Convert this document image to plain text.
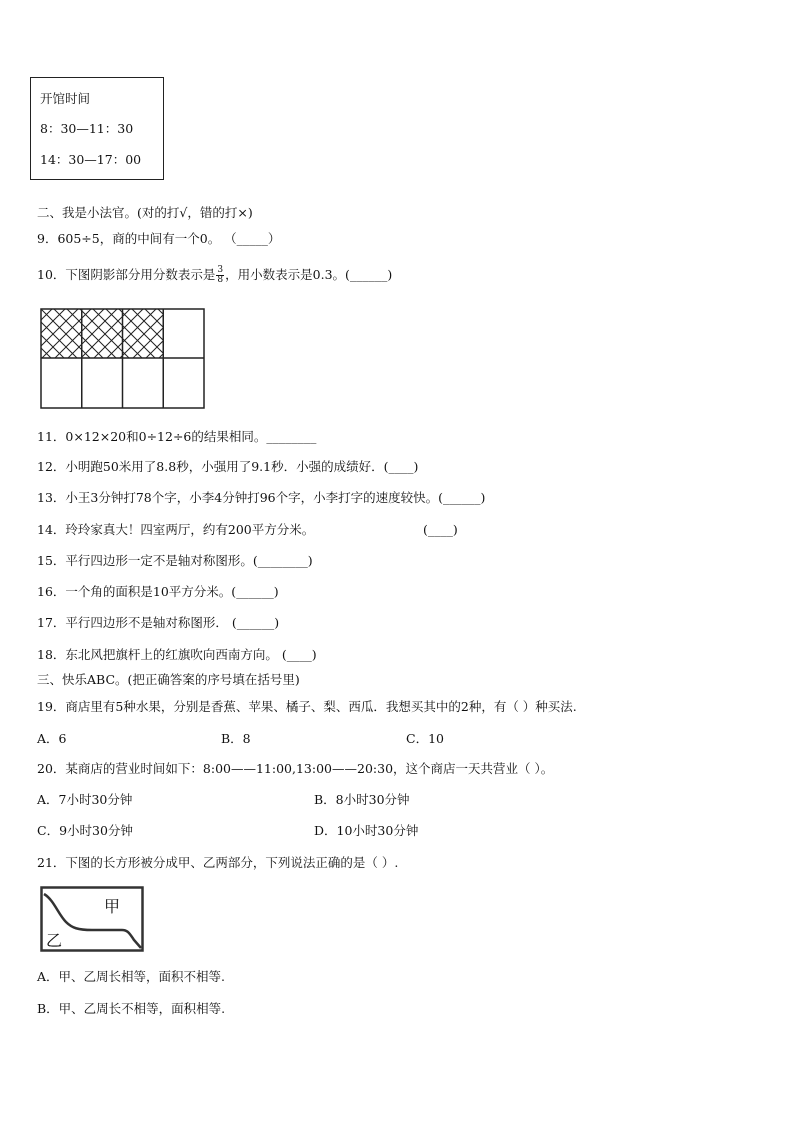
开馆时间
8：30—11：30
14：30—17：00
二、我是小法官。(对的打√，错的打×)
9．605÷5，商的中间有一个0。 （_____）
10．下图阴影部分用分数表示是 $\frac{3}{8}$ ，用小数表示是0.3。(______)
11．0×12×20和0÷12÷6的结果相同。________
12．小明跑50米用了8.8秒，小强用了9.1秒．小强的成绩好．(____)
13．小王3分钟打78个字，小李4分钟打96个字，小李打字的速度较快。(______)
14．玲玲家真大！四室两厅，约有200平方分米。	(____)
15．平行四边形一定不是轴对称图形。(________)
16．一个角的面积是10平方分米。(______)
17．平行四边形不是轴对称图形． (______)
18．东北风把旗杆上的红旗吹向西南方向。 (____)
三、快乐ABC。(把正确答案的序号填在括号里)
19．商店里有5种水果，分别是香蕉、苹果、橘子、梨、西瓜．我想买其中的2种，有（ ）种买法.
A．6	B．8	C．10
20．某商店的营业时间如下：8:00——11:00,13:00——20:30，这个商店一天共营业（ ）。
A．7小时30分钟	B．8小时30分钟
C．9小时30分钟	D．10小时30分钟
21．下图的长方形被分成甲、乙两部分，下列说法正确的是（ ）.
甲
乙
A．甲、乙周长相等，面积不相等.
B．甲、乙周长不相等，面积相等.
